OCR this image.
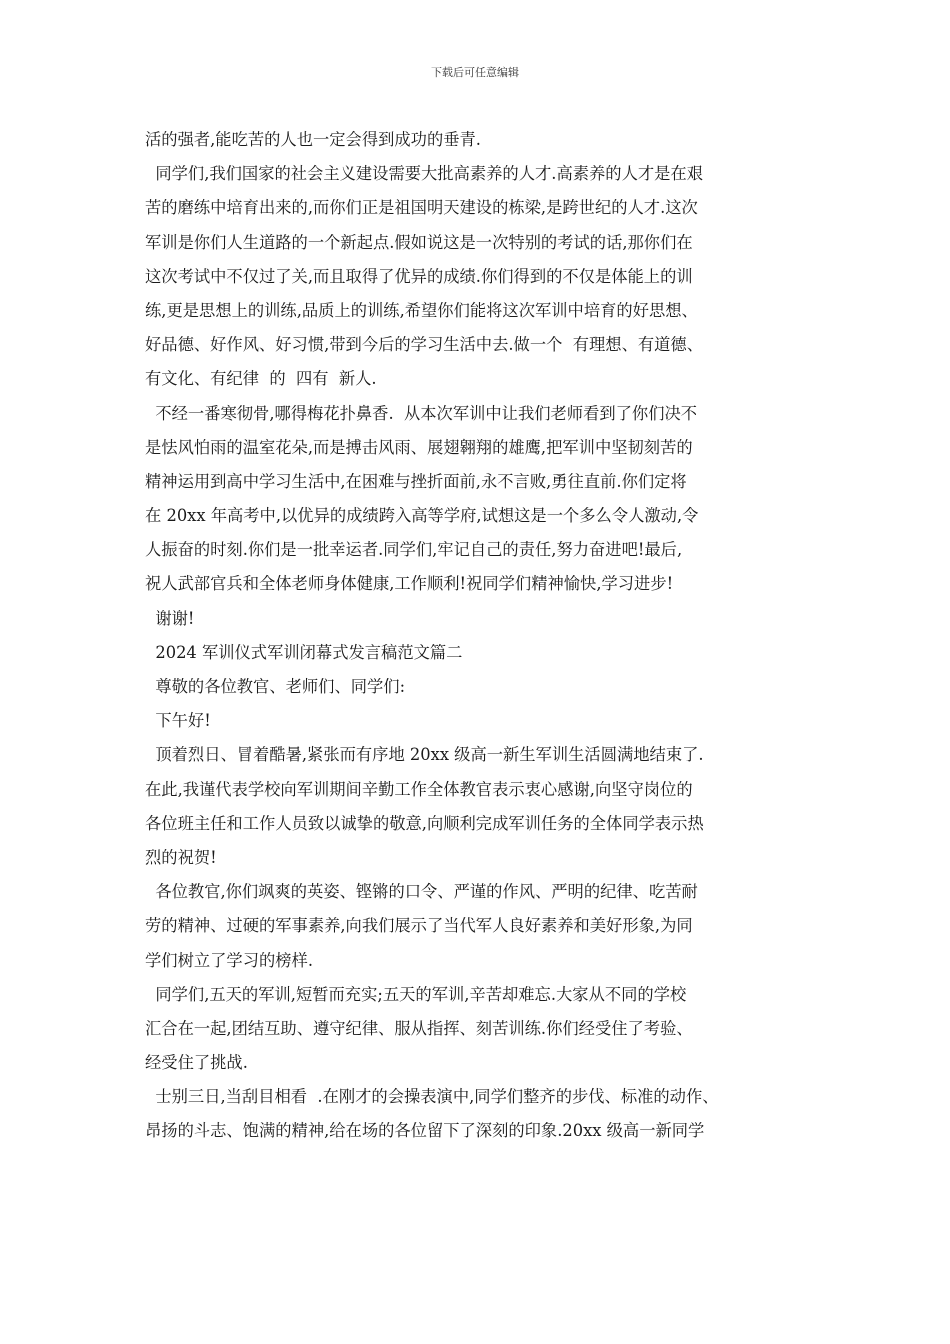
下载后可任意编辑
活的强者,能吃苦的人也一定会得到成功的垂青.
同学们,我们国家的社会主义建设需要大批高素养的人才.高素养的人才是在艰
苦的磨练中培育出来的,而你们正是祖国明天建设的栋梁,是跨世纪的人才.这次
军训是你们人生道路的一个新起点.假如说这是一次特别的考试的话,那你们在
这次考试中不仅过了关,而且取得了优异的成绩.你们得到的不仅是体能上的训
练,更是思想上的训练,品质上的训练,希望你们能将这次军训中培育的好思想、
好品德、好作风、好习惯,带到今后的学习生活中去.做一个  有理想、有道德、
有文化、有纪律  的  四有  新人.
不经一番寒彻骨,哪得梅花扑鼻香.  从本次军训中让我们老师看到了你们决不
是怯风怕雨的温室花朵,而是搏击风雨、展翅翱翔的雄鹰,把军训中坚韧刻苦的
精神运用到高中学习生活中,在困难与挫折面前,永不言败,勇往直前.你们定将
在 20xx 年高考中,以优异的成绩跨入高等学府,试想这是一个多么令人激动,令
人振奋的时刻.你们是一批幸运者.同学们,牢记自己的责任,努力奋进吧!最后,
祝人武部官兵和全体老师身体健康,工作顺利!祝同学们精神愉快,学习进步!
谢谢!
2024 军训仪式军训闭幕式发言稿范文篇二
尊敬的各位教官、老师们、同学们:
下午好!
顶着烈日、冒着酷暑,紧张而有序地 20xx 级高一新生军训生活圆满地结束了.
在此,我谨代表学校向军训期间辛勤工作全体教官表示衷心感谢,向坚守岗位的
各位班主任和工作人员致以诚挚的敬意,向顺利完成军训任务的全体同学表示热
烈的祝贺!
各位教官,你们飒爽的英姿、铿锵的口令、严谨的作风、严明的纪律、吃苦耐
劳的精神、过硬的军事素养,向我们展示了当代军人良好素养和美好形象,为同
学们树立了学习的榜样.
同学们,五天的军训,短暂而充实;五天的军训,辛苦却难忘.大家从不同的学校
汇合在一起,团结互助、遵守纪律、服从指挥、刻苦训练.你们经受住了考验、
经受住了挑战.
士别三日,当刮目相看  .在刚才的会操表演中,同学们整齐的步伐、标准的动作、
昂扬的斗志、饱满的精神,给在场的各位留下了深刻的印象.20xx 级高一新同学
